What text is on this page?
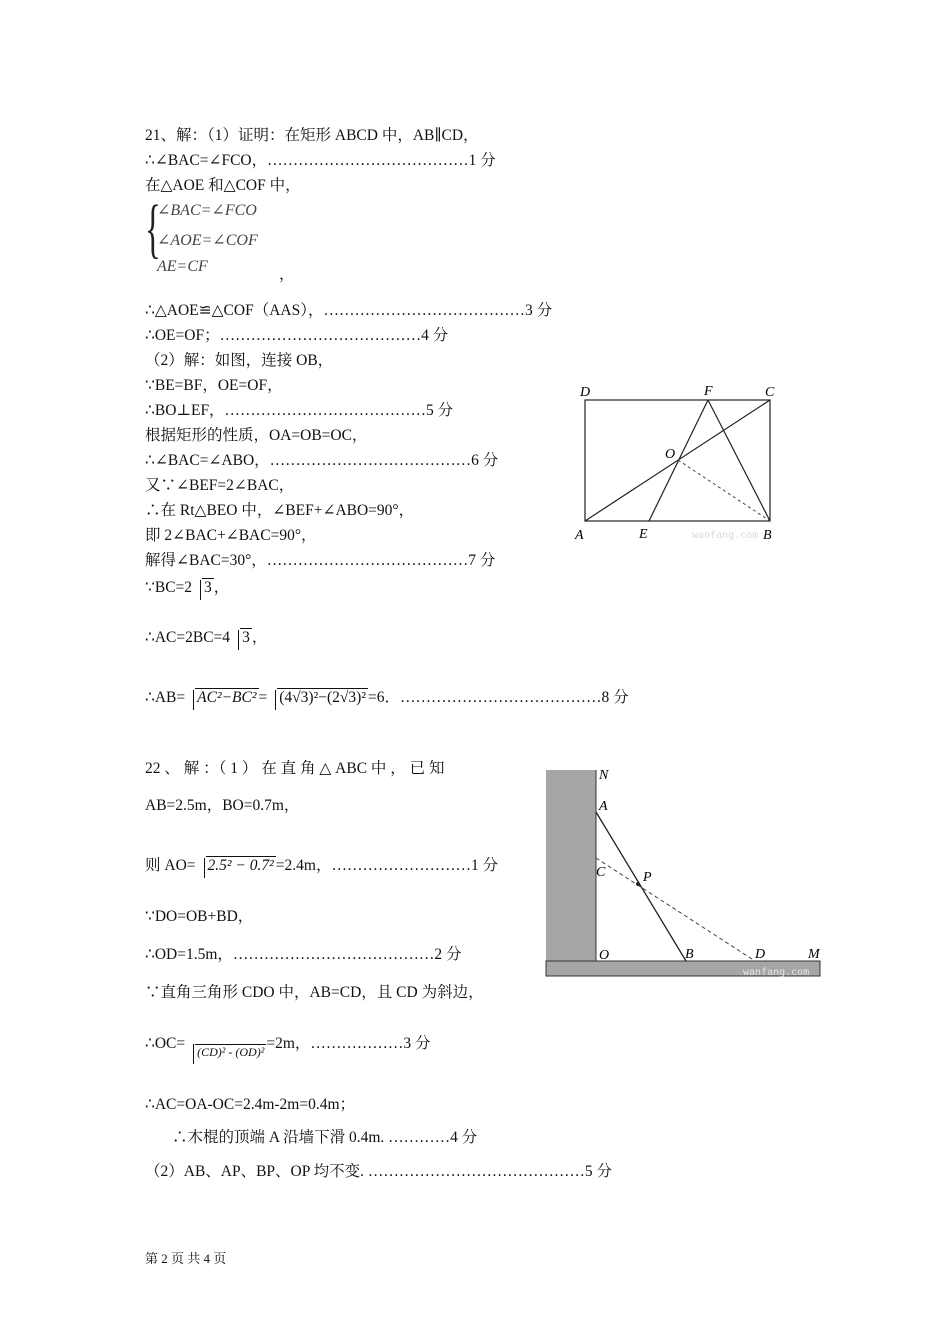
21、解：（1）证明：在矩形 ABCD 中，AB∥CD，
∴∠BAC=∠FCO，…………………………………1 分
在△AOE 和△COF 中，
{
∠BAC=∠FCO
∠AOE=∠COF
AE=CF	，
∴△AOE≌△COF（AAS），…………………………………3 分
∴OE=OF；…………………………………4 分
（2）解：如图，连接 OB，
∵BE=BF，OE=OF，
∴BO⊥EF，…………………………………5 分
根据矩形的性质，OA=OB=OC，
∴∠BAC=∠ABO，…………………………………6 分
又∵∠BEF=2∠BAC，
∴在 Rt△BEO 中，∠BEF+∠ABO=90°，
即 2∠BAC+∠BAC=90°，
解得∠BAC=30°，…………………………………7 分
∵BC=2 3 ，
∴AC=2BC=4 3 ，
∴AB= AC²−BC² = (4√3)²−(2√3)² =6．…………………………………8 分
D	F	C
O
A	E	B
wanfang.com
22 、 解 ：（ 1 ） 在 直 角 △ ABC 中 ， 已 知
AB=2.5m，BO=0.7m，
则 AO= 2.5² − 0.7² =2.4m，………………………1 分
∵DO=OB+BD，
∴OD=1.5m，…………………………………2 分
∵直角三角形 CDO 中，AB=CD，且 CD 为斜边，
∴OC= (CD)² - (OD)² =2m，………………3 分
∴AC=OA-OC=2.4m-2m=0.4m；
∴木棍的顶端 A 沿墙下滑 0.4m. …………4 分
（2）AB、AP、BP、OP 均不变. ……………………………………5 分
N
A
C	P
O	B	D	M
wanfang.com
第 2 页 共 4 页
